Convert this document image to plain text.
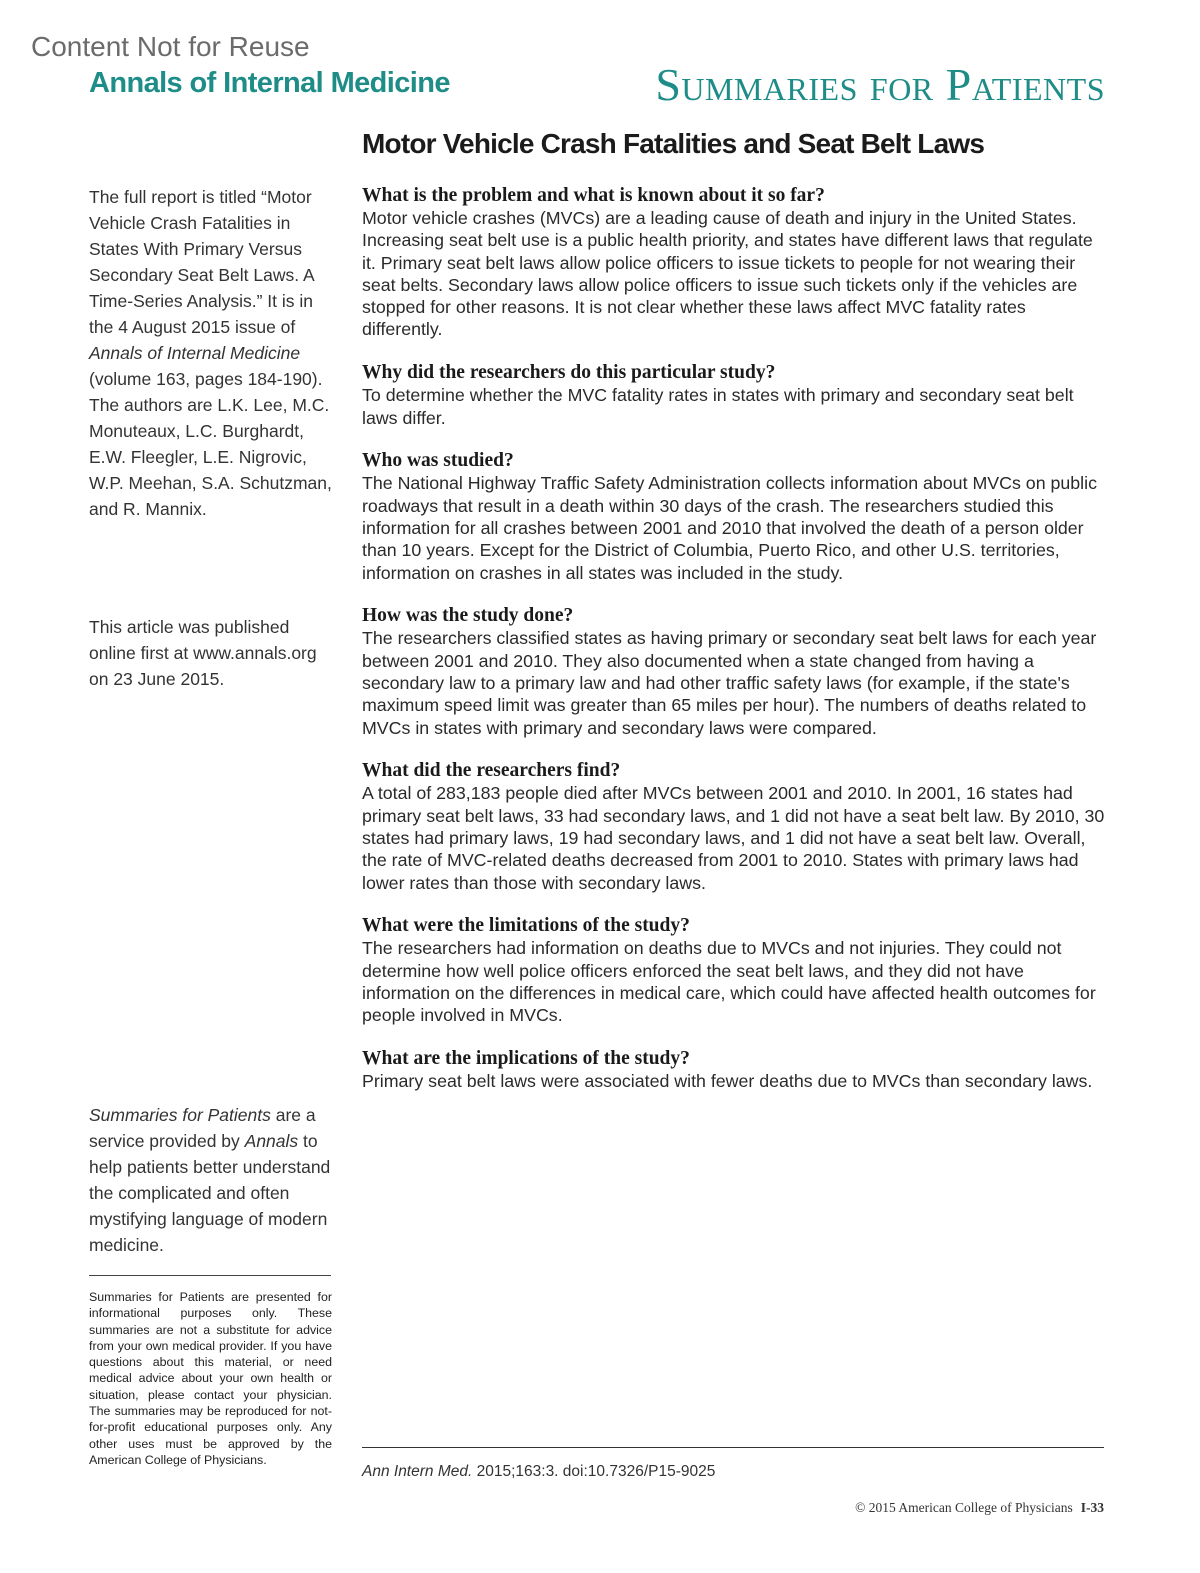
Content Not for Reuse
Annals of Internal Medicine	Summaries for Patients
Motor Vehicle Crash Fatalities and Seat Belt Laws

The full report is titled “Motor Vehicle Crash Fatalities in States With Primary Versus Secondary Seat Belt Laws. A Time-Series Analysis.” It is in the 4 August 2015 issue of Annals of Internal Medicine (volume 163, pages 184-190). The authors are L.K. Lee, M.C. Monuteaux, L.C. Burghardt, E.W. Fleegler, L.E. Nigrovic, W.P. Meehan, S.A. Schutzman, and R. Mannix.

This article was published online first at www.annals.org on 23 June 2015.

Summaries for Patients are a service provided by Annals to help patients better understand the complicated and often mystifying language of modern medicine.

Summaries for Patients are presented for informational purposes only. These summaries are not a substitute for advice from your own medical provider. If you have questions about this material, or need medical advice about your own health or situation, please contact your physician. The summaries may be reproduced for not-for-profit educational purposes only. Any other uses must be approved by the American College of Physicians.
What is the problem and what is known about it so far?

Motor vehicle crashes (MVCs) are a leading cause of death and injury in the United States. Increasing seat belt use is a public health priority, and states have different laws that regulate it. Primary seat belt laws allow police officers to issue tickets to people for not wearing their seat belts. Secondary laws allow police officers to issue such tickets only if the vehicles are stopped for other reasons. It is not clear whether these laws affect MVC fatality rates differently.

Why did the researchers do this particular study?

To determine whether the MVC fatality rates in states with primary and secondary seat belt laws differ.

Who was studied?

The National Highway Traffic Safety Administration collects information about MVCs on public roadways that result in a death within 30 days of the crash. The researchers studied this information for all crashes between 2001 and 2010 that involved the death of a person older than 10 years. Except for the District of Columbia, Puerto Rico, and other U.S. territories, information on crashes in all states was included in the study.

How was the study done?

The researchers classified states as having primary or secondary seat belt laws for each year between 2001 and 2010. They also documented when a state changed from having a secondary law to a primary law and had other traffic safety laws (for example, if the state's maximum speed limit was greater than 65 miles per hour). The numbers of deaths related to MVCs in states with primary and secondary laws were compared.

What did the researchers find?

A total of 283,183 people died after MVCs between 2001 and 2010. In 2001, 16 states had primary seat belt laws, 33 had secondary laws, and 1 did not have a seat belt law. By 2010, 30 states had primary laws, 19 had secondary laws, and 1 did not have a seat belt law. Overall, the rate of MVC-related deaths decreased from 2001 to 2010. States with primary laws had lower rates than those with secondary laws.

What were the limitations of the study?

The researchers had information on deaths due to MVCs and not injuries. They could not determine how well police officers enforced the seat belt laws, and they did not have information on the differences in medical care, which could have affected health outcomes for people involved in MVCs.

What are the implications of the study?

Primary seat belt laws were associated with fewer deaths due to MVCs than secondary laws.

Ann Intern Med. 2015;163:3. doi:10.7326/P15-9025
© 2015 American College of Physicians I-33
